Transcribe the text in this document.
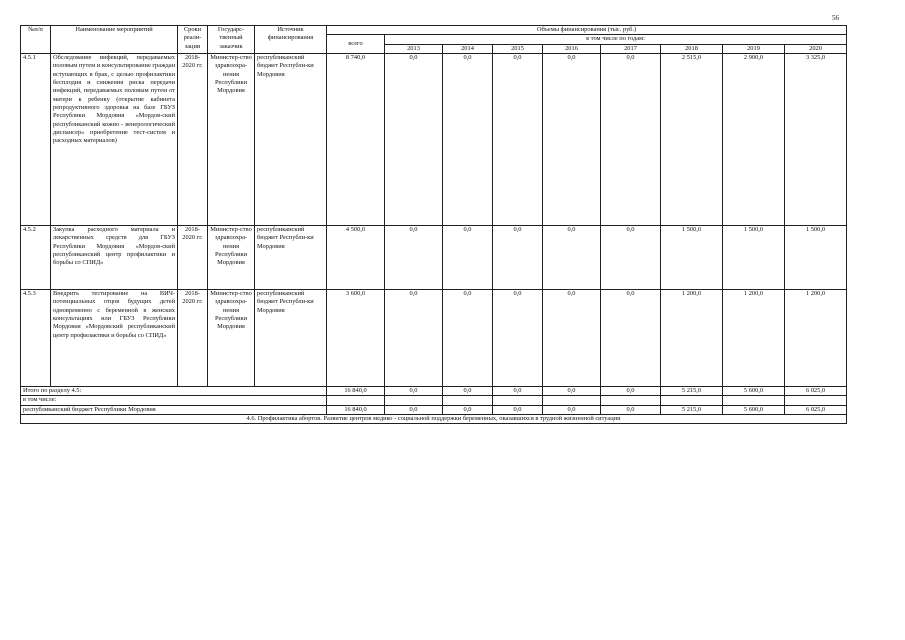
56
№п/п	Наименование мероприятий	Сроки реали-зации	Государс-твенный заказчик	Источник финансирования	Объемы финансирования (тыс. руб.)								
					всего	в том числе по годам:							
						2013	2014	2015	2016	2017	2018	2019	2020
4.5.1	Обследование инфекций, передаваемых половым путем и консультирование граждан вступающих в брак, с целью профилактики бесплодия и снижения риска передачи инфекций, передаваемых половым путем от матери к ребенку (открытие кабинета репродуктивного здоровья на базе ГБУЗ Республики Мордовия «Мордов-ский республиканский кожно - венерологический диспансер» приобретение тест-систем и расходных материалов)	2018-2020 гг.	Министер-ство здравоохра-нения Республики Мордовия	республиканский бюджет Республи-ки Мордовия	8 740,0	0,0	0,0	0,0	0,0	0,0	2 515,0	2 900,0	3 325,0
4.5.2	Закупка расходного материала и лекарственных средств для ГБУЗ Республики Мордовия «Мордов-ский республиканский центр профилактики и борьбы со СПИД»	2018-2020 гг.	Министер-ство здравоохра-нения Республики Мордовия	республиканский бюджет Республи-ки Мордовия	4 500,0	0,0	0,0	0,0	0,0	0,0	1 500,0	1 500,0	1 500,0
4.5.3	Внедрить тестирование на ВИЧ-потенциальных отцов будущих детей одновременно с беременной в женских консультациях или ГБУЗ Республики Мордовия «Мордовский республиканский центр профилактики и борьбы со СПИД»	2018-2020 гг.	Министер-ство здравоохра-нения Республики Мордовия	республиканский бюджет Республи-ки Мордовия	3 600,0	0,0	0,0	0,0	0,0	0,0	1 200,0	1 200,0	1 200,0
Итого по разделу 4.5:					16 840,0	0,0	0,0	0,0	0,0	0,0	5 215,0	5 600,0	6 025,0
в том числе:													
республиканский бюджет Республики Мордовия					16 840,0	0,0	0,0	0,0	0,0	0,0	5 215,0	5 600,0	6 025,0
4.6. Профилактика абортов. Развитие центров медико - социальной поддержки беременных, оказавшихся в трудной жизненной ситуации													
